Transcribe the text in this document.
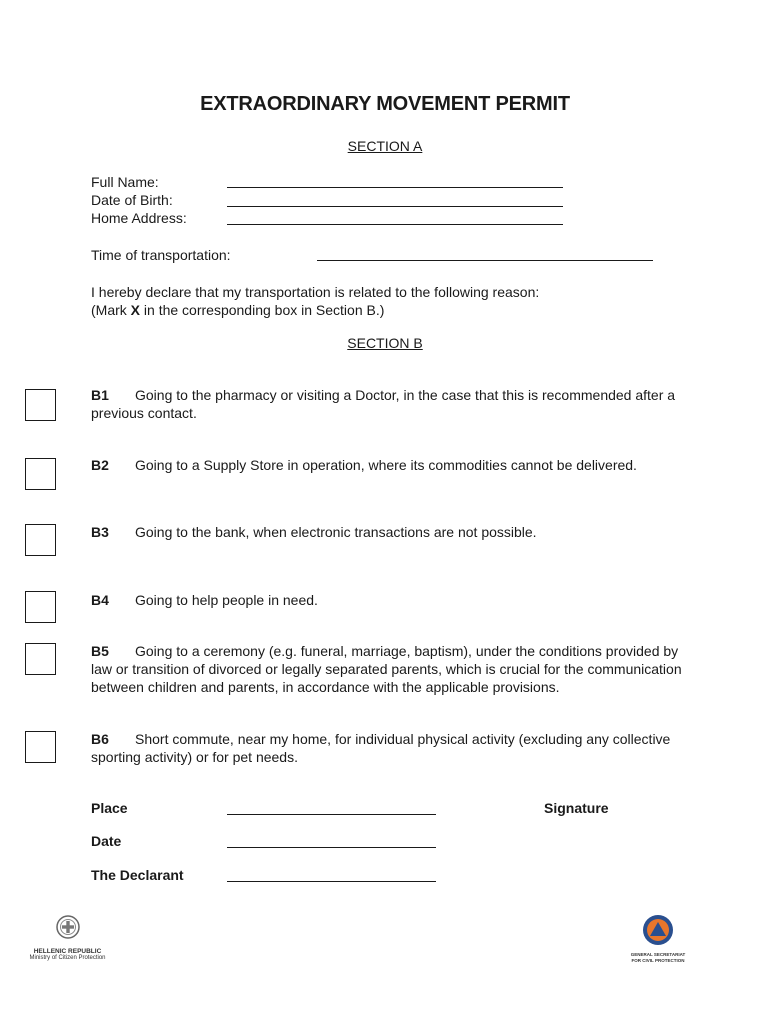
EXTRAORDINARY MOVEMENT PERMIT
SECTION A
Full Name:
Date of Birth:
Home Address:
Time of transportation:
I hereby declare that my transportation is related to the following reason:
(Mark X in the corresponding box in Section B.)
SECTION B
B1 Going to the pharmacy or visiting a Doctor, in the case that this is recommended after a previous contact.
B2 Going to a Supply Store in operation, where its commodities cannot be delivered.
B3 Going to the bank, when electronic transactions are not possible.
B4 Going to help people in need.
B5 Going to a ceremony (e.g. funeral, marriage, baptism), under the conditions provided by law or transition of divorced or legally separated parents, which is crucial for the communication between children and parents, in accordance with the applicable provisions.
B6 Short commute, near my home, for individual physical activity (excluding any collective sporting activity) or for pet needs.
Place
Date
The Declarant
Signature
HELLENIC REPUBLIC
Ministry of Citizen Protection
GENERAL SECRETARIAT
FOR CIVIL PROTECTION
